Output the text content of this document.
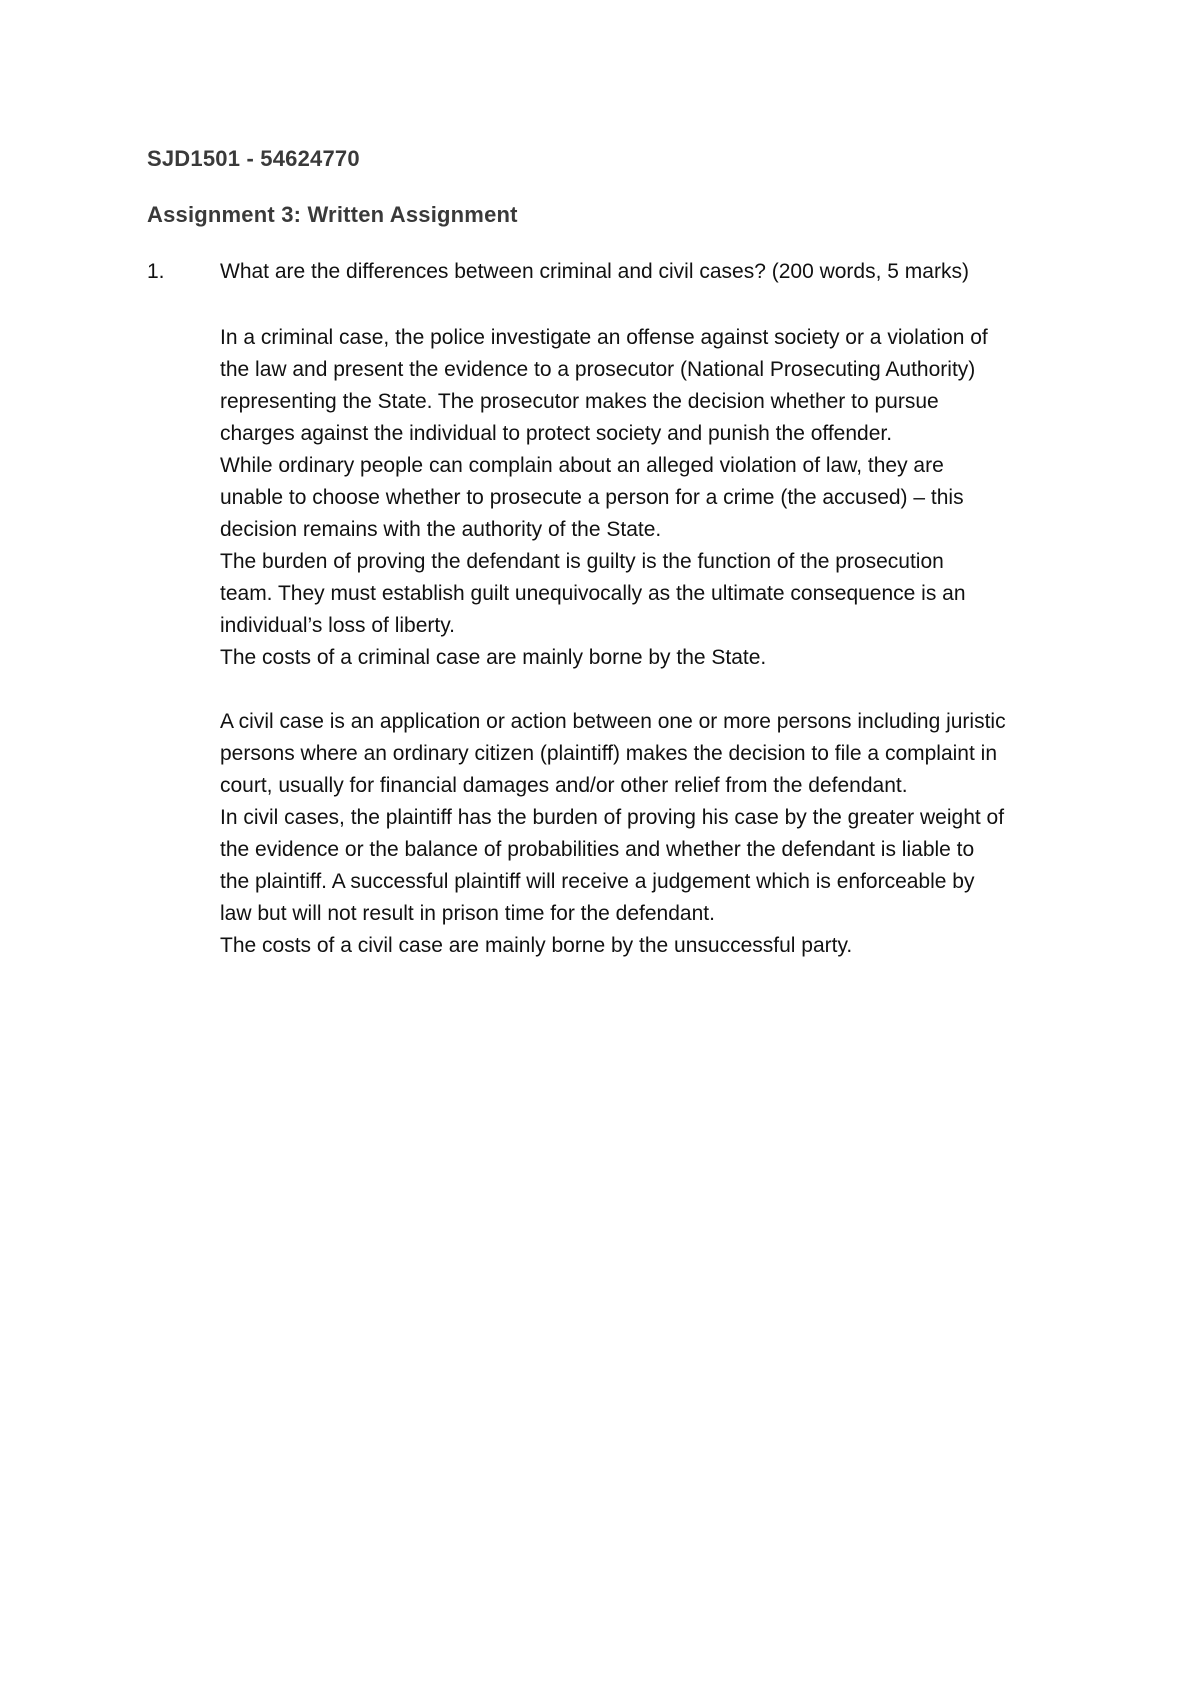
SJD1501 - 54624770
Assignment 3: Written Assignment
1.	What are the differences between criminal and civil cases? (200 words, 5 marks)
In a criminal case, the police investigate an offense against society or a violation of
the law and present the evidence to a prosecutor (National Prosecuting Authority)
representing the State. The prosecutor makes the decision whether to pursue
charges against the individual to protect society and punish the offender.
While ordinary people can complain about an alleged violation of law, they are
unable to choose whether to prosecute a person for a crime (the accused) – this
decision remains with the authority of the State.
The burden of proving the defendant is guilty is the function of the prosecution
team. They must establish guilt unequivocally as the ultimate consequence is an
individual’s loss of liberty.
The costs of a criminal case are mainly borne by the State.
A civil case is an application or action between one or more persons including juristic
persons where an ordinary citizen (plaintiff) makes the decision to file a complaint in
court, usually for financial damages and/or other relief from the defendant.
In civil cases, the plaintiff has the burden of proving his case by the greater weight of
the evidence or the balance of probabilities and whether the defendant is liable to
the plaintiff. A successful plaintiff will receive a judgement which is enforceable by
law but will not result in prison time for the defendant.
The costs of a civil case are mainly borne by the unsuccessful party.
